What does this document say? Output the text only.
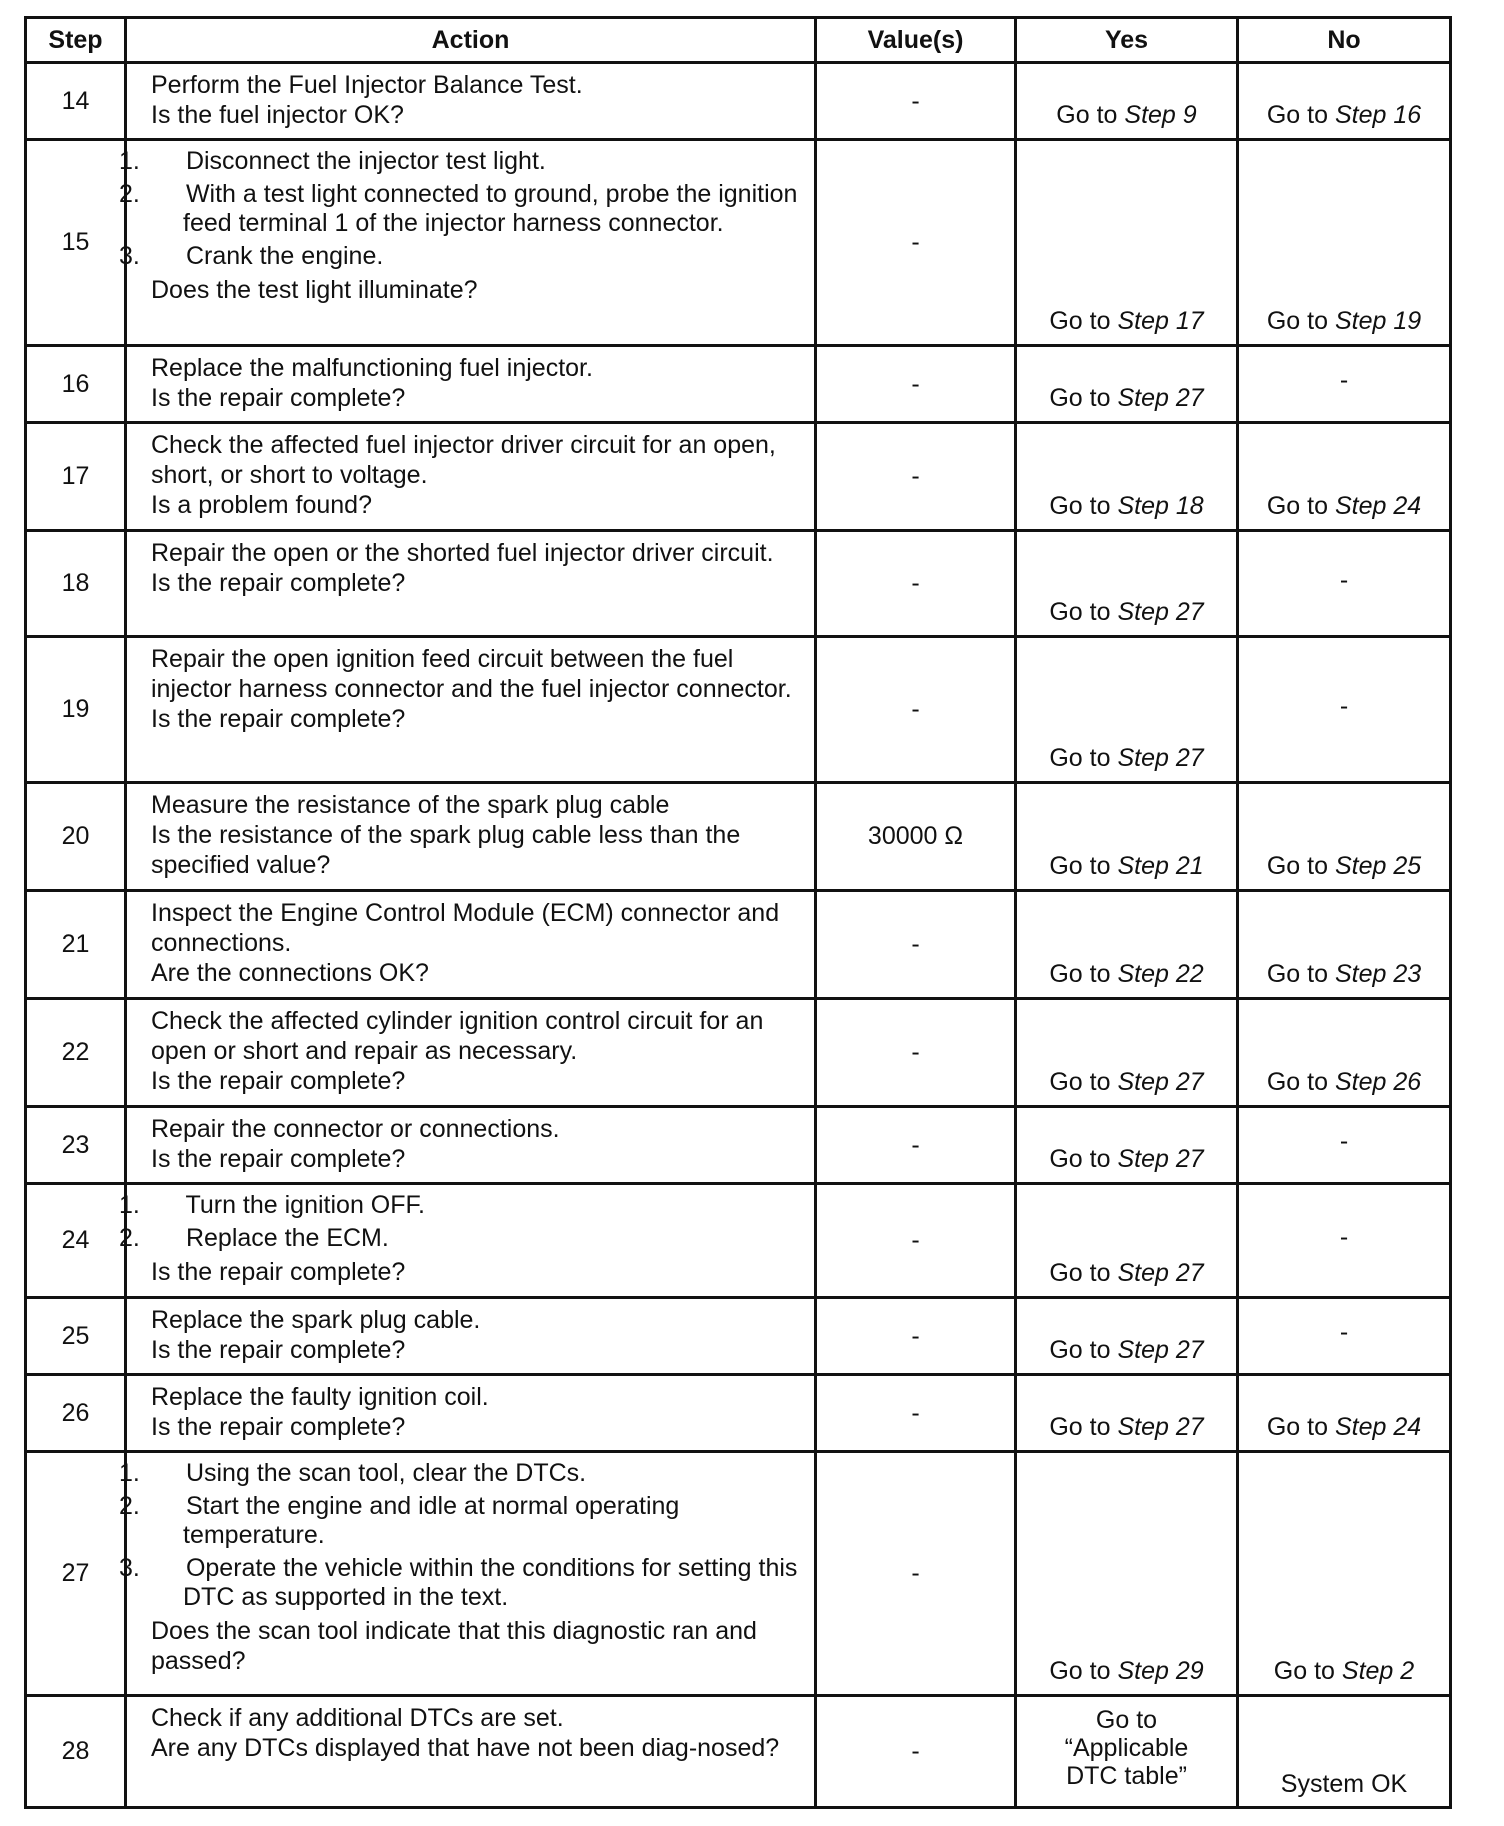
Step	Action	Value(s)	Yes	No
14	Perform the Fuel Injector Balance Test.
Is the fuel injector OK?	-	Go to Step 9	Go to Step 16
15	1. Disconnect the injector test light.
2. With a test light connected to ground, probe the ignition feed terminal 1 of the injector harness connector.
3. Crank the engine.
Does the test light illuminate?	-	Go to Step 17	Go to Step 19
16	Replace the malfunctioning fuel injector.
Is the repair complete?	-	Go to Step 27	-

17	Check the affected fuel injector driver circuit for an open, short, or short to voltage.
Is a problem found?	-	Go to Step 18	Go to Step 24
18	Repair the open or the shorted fuel injector driver circuit.
Is the repair complete?	-	Go to Step 27	-

19	Repair the open ignition feed circuit between the fuel injector harness connector and the fuel injector connector.
Is the repair complete?	-	Go to Step 27	-

20	Measure the resistance of the spark plug cable
Is the resistance of the spark plug cable less than the specified value?	30000 Ω	Go to Step 21	Go to Step 25
21	Inspect the Engine Control Module (ECM) connector and connections.
Are the connections OK?	-	Go to Step 22	Go to Step 23
22	Check the affected cylinder ignition control circuit for an open or short and repair as necessary.
Is the repair complete?	-	Go to Step 27	Go to Step 26
23	Repair the connector or connections.
Is the repair complete?	-	Go to Step 27	-

24	1. Turn the ignition OFF.
2. Replace the ECM.
Is the repair complete?	-	Go to Step 27	-

25	Replace the spark plug cable.
Is the repair complete?	-	Go to Step 27	-

26	Replace the faulty ignition coil.
Is the repair complete?	-	Go to Step 27	Go to Step 24
27	1. Using the scan tool, clear the DTCs.
2. Start the engine and idle at normal operating temperature.
3. Operate the vehicle within the conditions for setting this DTC as supported in the text.
Does the scan tool indicate that this diagnostic ran and passed?	-	Go to Step 29	Go to Step 2
28	Check if any additional DTCs are set.
Are any DTCs displayed that have not been diag-nosed?	-	Go to “Applicable DTC table”	System OK
